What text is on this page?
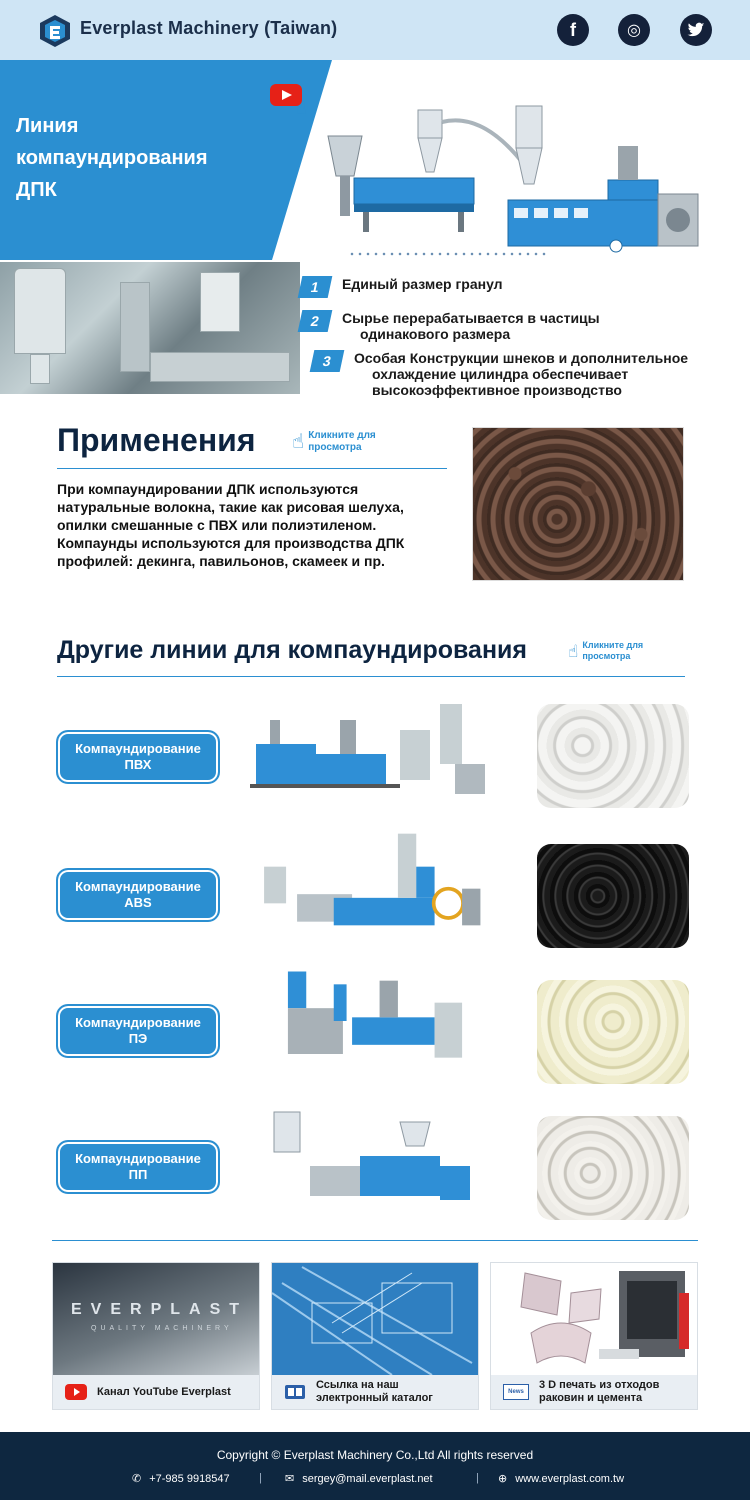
Everplast Machinery (Taiwan)	f	◎
Линия
компаундирования
ДПК
☝
1	Единый размер гранул
2	Сырье перерабатывается в частицы
одинакового размера
3	Особая Конструкции шнеков и дополнительное
охлаждение цилиндра обеспечивает
высокоэффективное производство
Применения ☝ Кликните для
просмотра
При компаундировании ДПК используются
натуральные волокна, такие как рисовая шелуха,
опилки смешанные с ПВХ или полиэтиленом.
Компаунды используются для производства ДПК
профилей: декинга, павильонов, скамеек и пр.
Другие линии для компаундирования ☝ Кликните для
просмотра
Компаундирование
ПВХ
Компаундирование
ABS
Компаундирование
ПЭ
Компаундирование
ПП
EVERPLAST
QUALITY MACHINERY
Канал YouTube Everplast
Ссылка на наш
электронный каталог	News
3 D печать из отходов
раковин и цемента
Copyright © Everplast Machinery Co.,Ltd All rights reserved
✆ +7-985 9918547	| ✉ sergey@mail.everplast.net	| ⊕ www.everplast.com.tw
